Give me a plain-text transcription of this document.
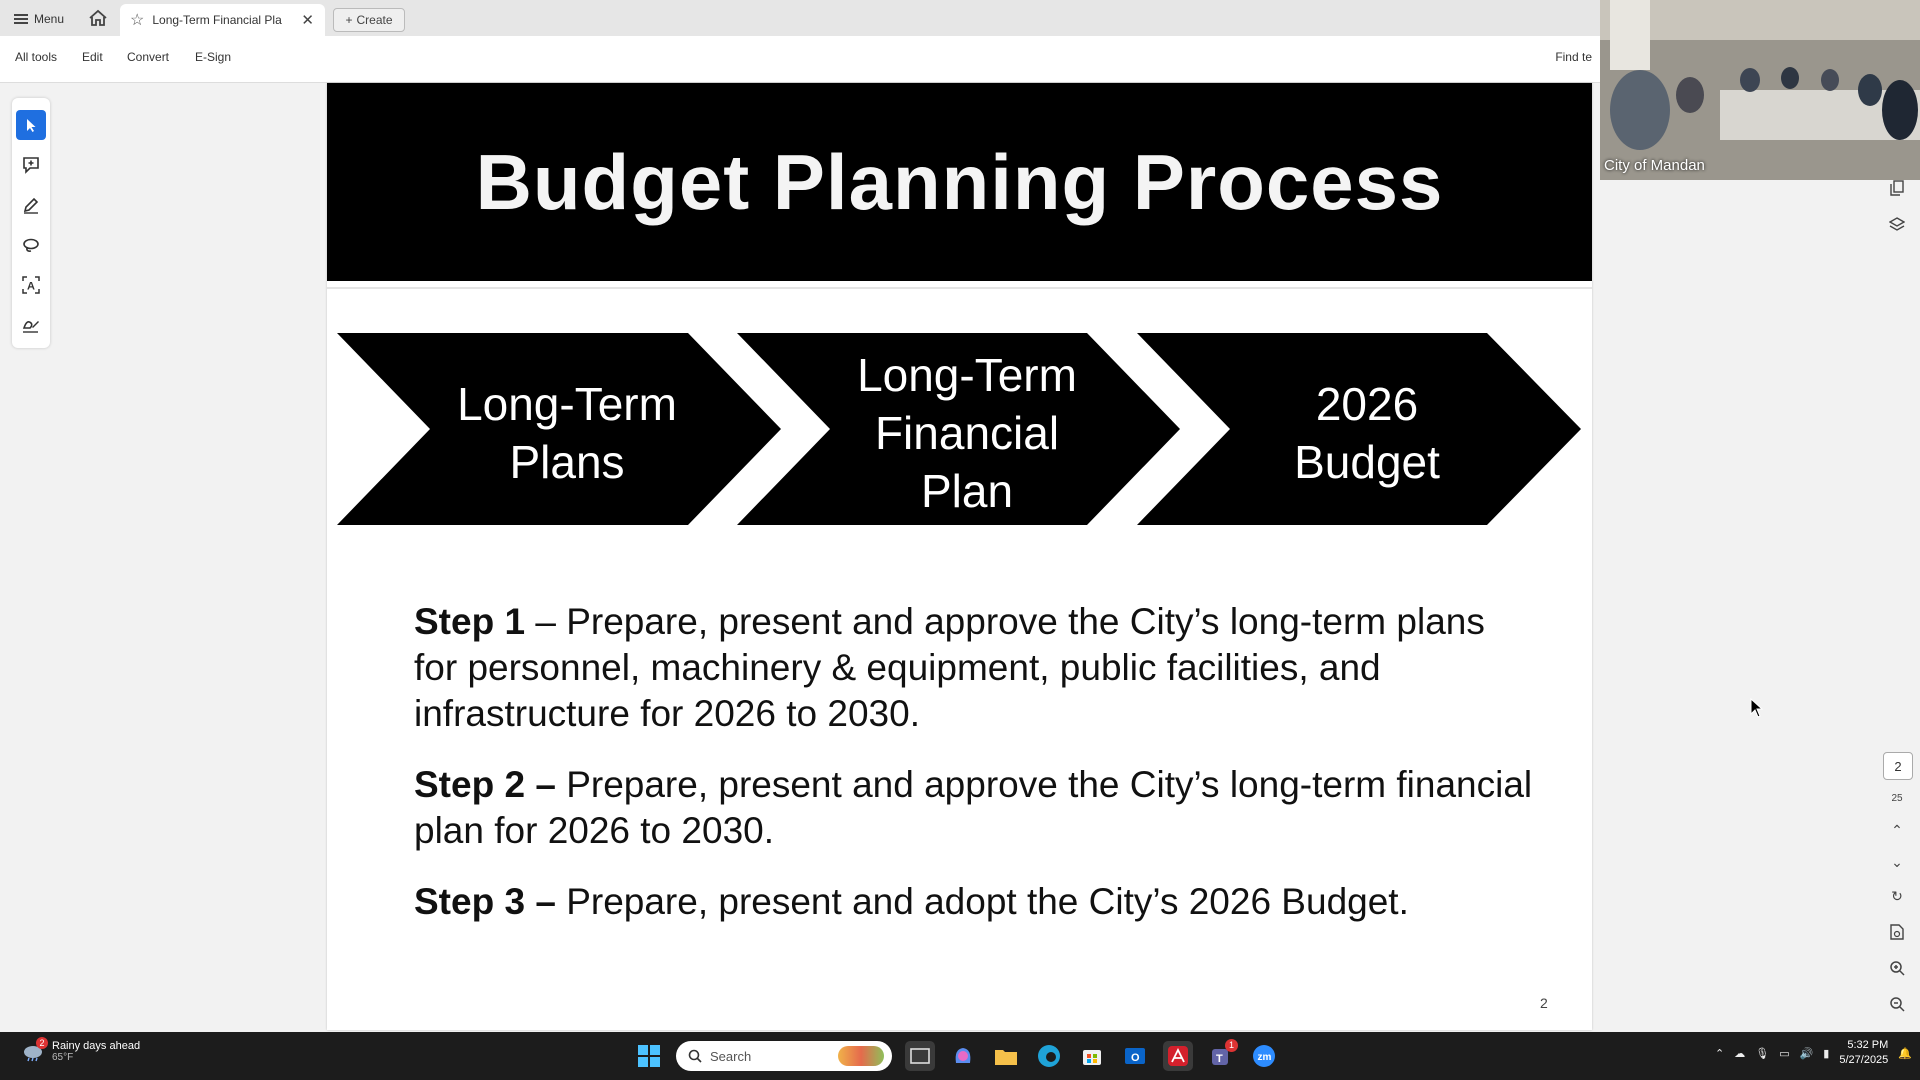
Menu	☆ Long-Term Financial Pla	✕	+ Create
All tools Edit Convert E-Sign	Find te
A
Budget Planning Process
Long-Term
Plans
Long-Term
Financial
Plan
2026
Budget

Step 1 – Prepare, present and approve the City’s long-term plans for personnel, machinery & equipment, public facilities, and infrastructure for 2026 to 2030.

Step 2 – Prepare, present and approve the City’s long-term financial plan for 2026 to 2030.

Step 3 – Prepare, present and adopt the City’s 2026 Budget.

2
2
25
⌃
⌄
↻
City of Mandan
2 Rainy days ahead
65°F	Search	O	T
1
zm	⌃ ☁ 🎙 ▭ 🔊 ▮
5:32 PM
5/27/2025
🔔
